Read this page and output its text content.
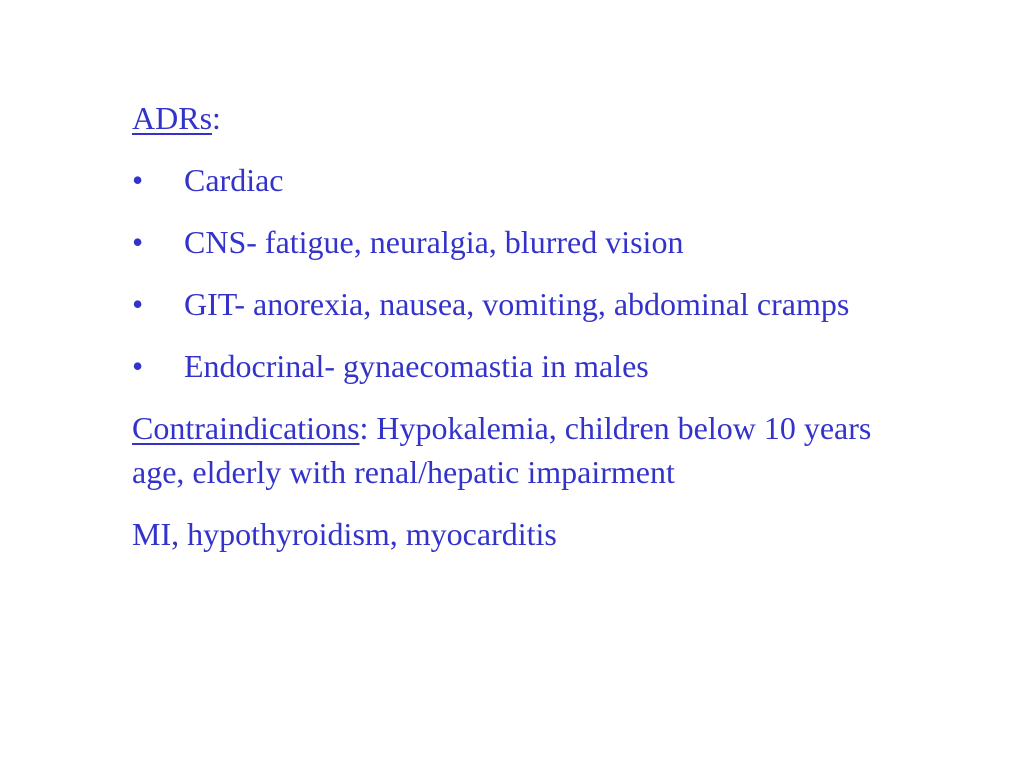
ADRs:

• Cardiac
• CNS- fatigue, neuralgia, blurred vision
• GIT- anorexia, nausea, vomiting, abdominal cramps
• Endocrinal- gynaecomastia in males

Contraindications: Hypokalemia, children below 10 years age, elderly with renal/hepatic impairment

MI, hypothyroidism, myocarditis
